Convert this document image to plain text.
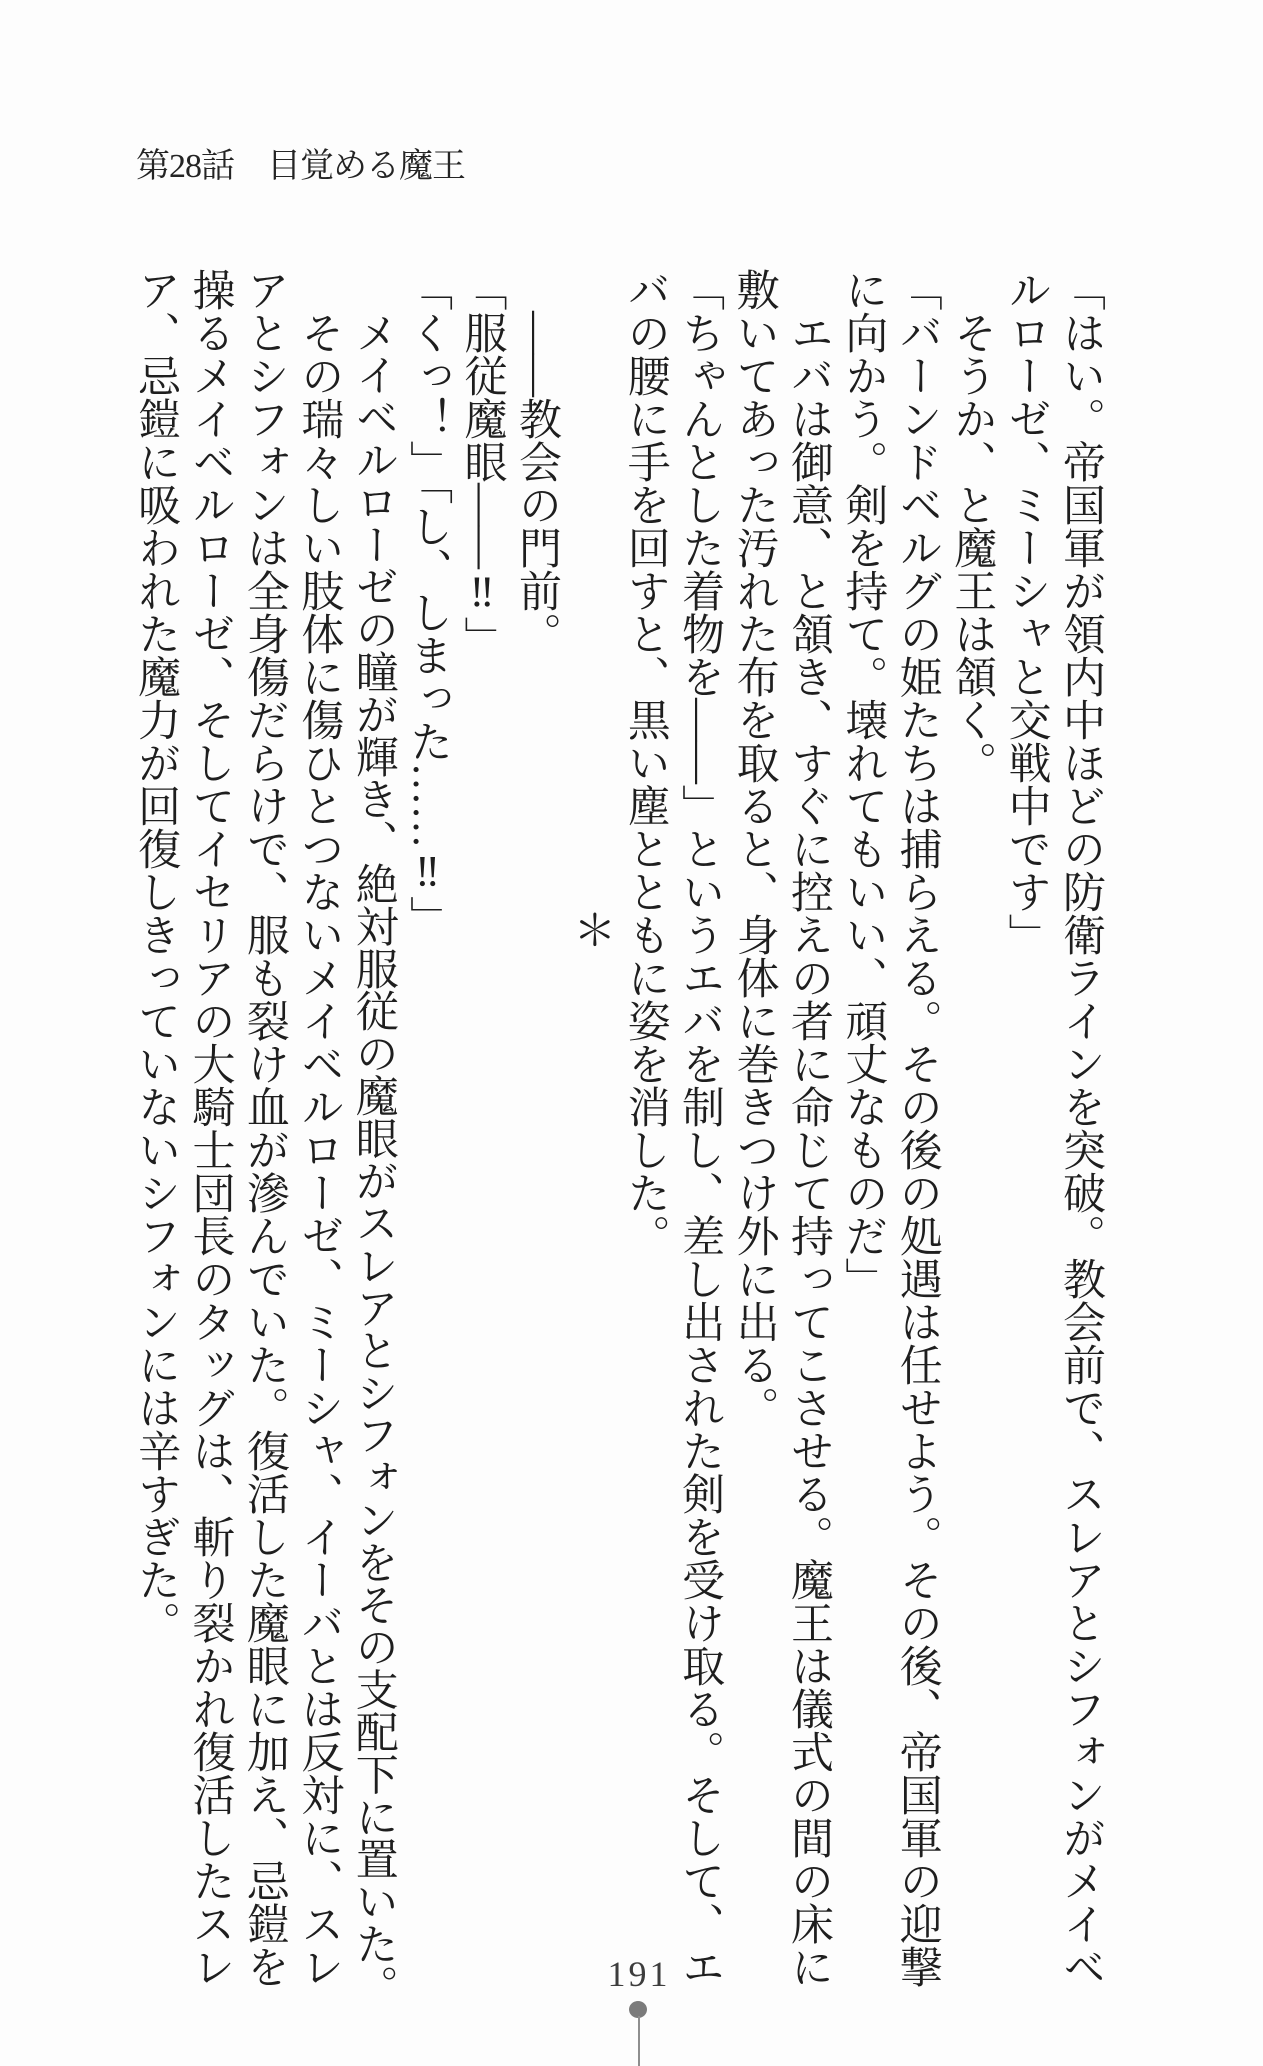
第28話　目覚める魔王
「はい。帝国軍が領内中ほどの防衛ラインを突破。教会前で、スレアとシフォンがメイベ
ルローゼ、ミーシャと交戦中です」
そうか、と魔王は頷く。
「バーンドベルグの姫たちは捕らえる。その後の処遇は任せよう。その後、帝国軍の迎撃
に向かう。剣を持て。壊れてもいい、頑丈なものだ」
エバは御意、と頷き、すぐに控えの者に命じて持ってこさせる。魔王は儀式の間の床に
敷いてあった汚れた布を取ると、身体に巻きつけ外に出る。
「ちゃんとした着物を――」というエバを制し、差し出された剣を受け取る。そして、エ
バの腰に手を回すと、黒い塵とともに姿を消した。
＊
――教会の門前。
「服従魔眼――‼」
「くっ！」「し、しまった……‼」
メイベルローゼの瞳が輝き、絶対服従の魔眼がスレアとシフォンをその支配下に置いた。
その瑞々しい肢体に傷ひとつないメイベルローゼ、ミーシャ、イーバとは反対に、スレ
アとシフォンは全身傷だらけで、服も裂け血が滲んでいた。復活した魔眼に加え、忌鎧を
操るメイベルローゼ、そしてイセリアの大騎士団長のタッグは、斬り裂かれ復活したスレ
ア、忌鎧に吸われた魔力が回復しきっていないシフォンには辛すぎた。
191
